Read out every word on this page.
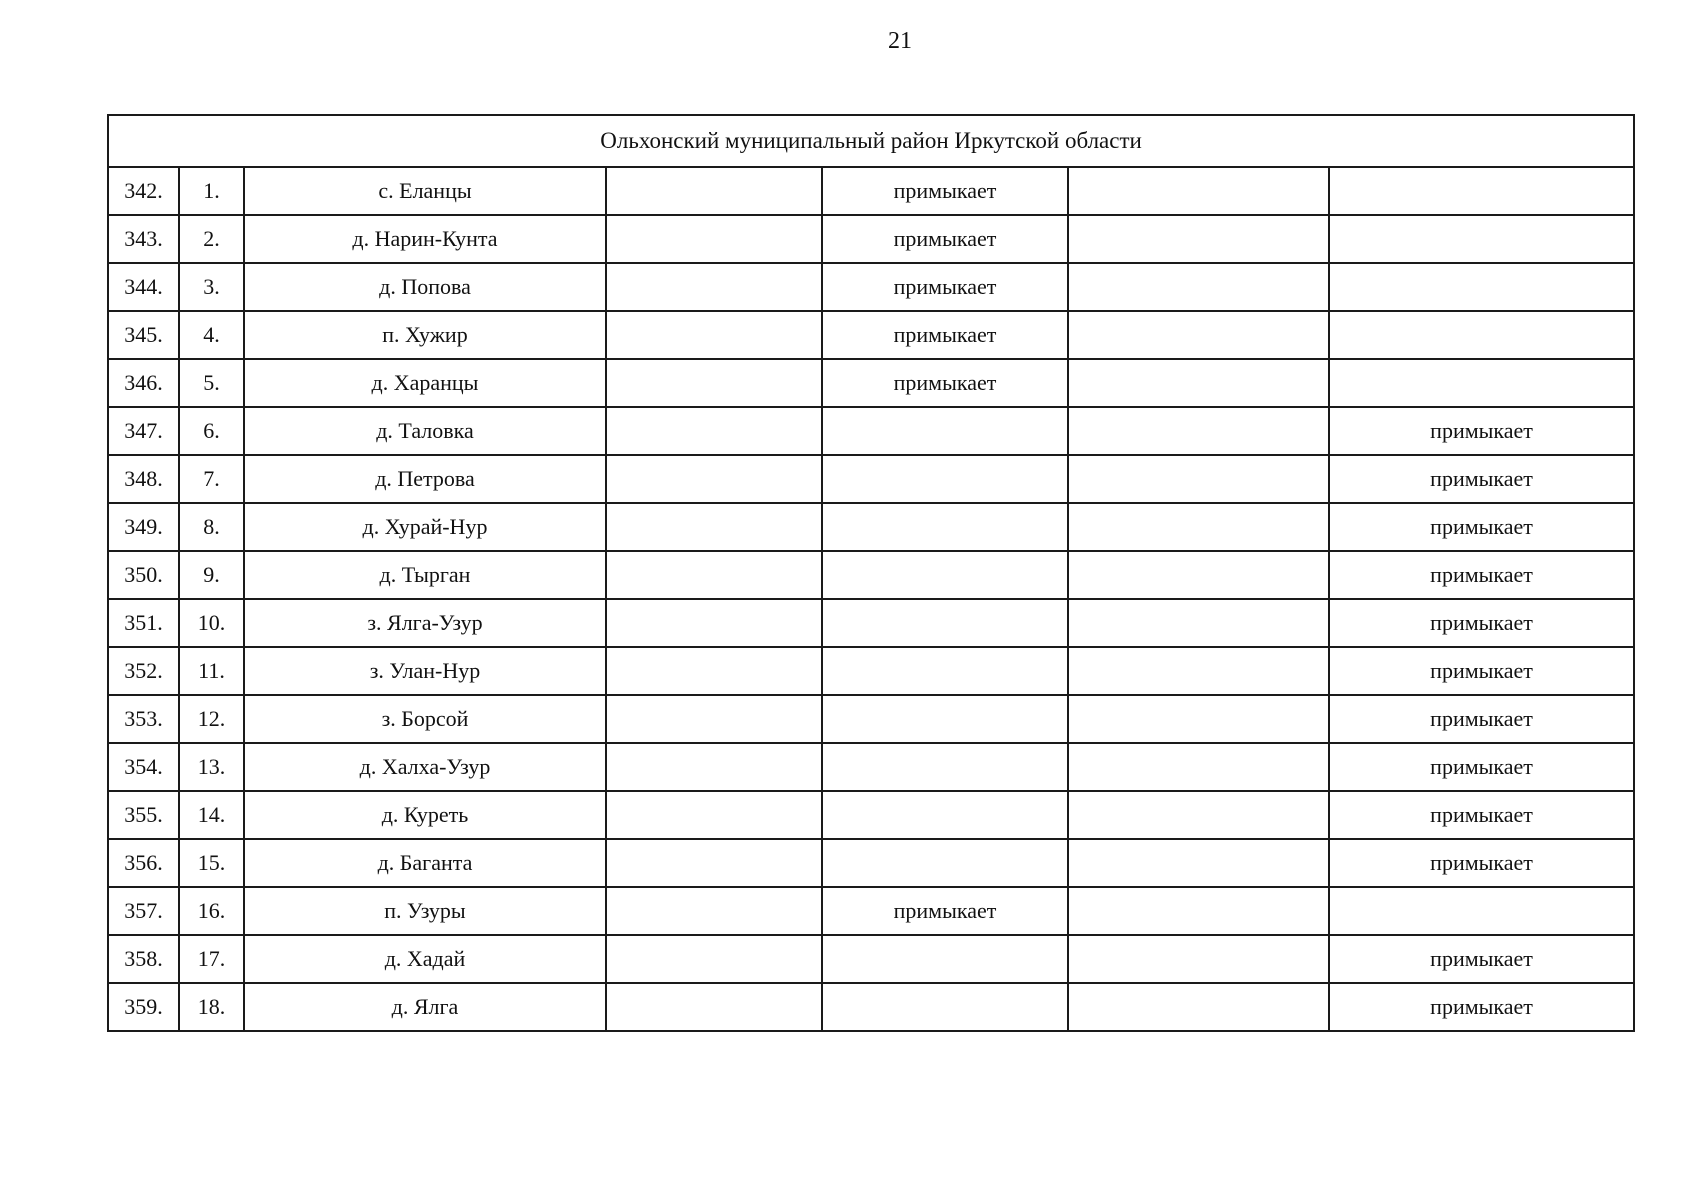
21
Ольхонский муниципальный район Иркутской области						
342.	1.	с. Еланцы		примыкает		
343.	2.	д. Нарин-Кунта		примыкает		
344.	3.	д. Попова		примыкает		
345.	4.	п. Хужир		примыкает		
346.	5.	д. Харанцы		примыкает		
347.	6.	д. Таловка				примыкает
348.	7.	д. Петрова				примыкает
349.	8.	д. Хурай-Нур				примыкает
350.	9.	д. Тырган				примыкает
351.	10.	з. Ялга-Узур				примыкает
352.	11.	з. Улан-Нур				примыкает
353.	12.	з. Борсой				примыкает
354.	13.	д. Халха-Узур				примыкает
355.	14.	д. Куреть				примыкает
356.	15.	д. Баганта				примыкает
357.	16.	п. Узуры		примыкает		
358.	17.	д. Хадай				примыкает
359.	18.	д. Ялга				примыкает
